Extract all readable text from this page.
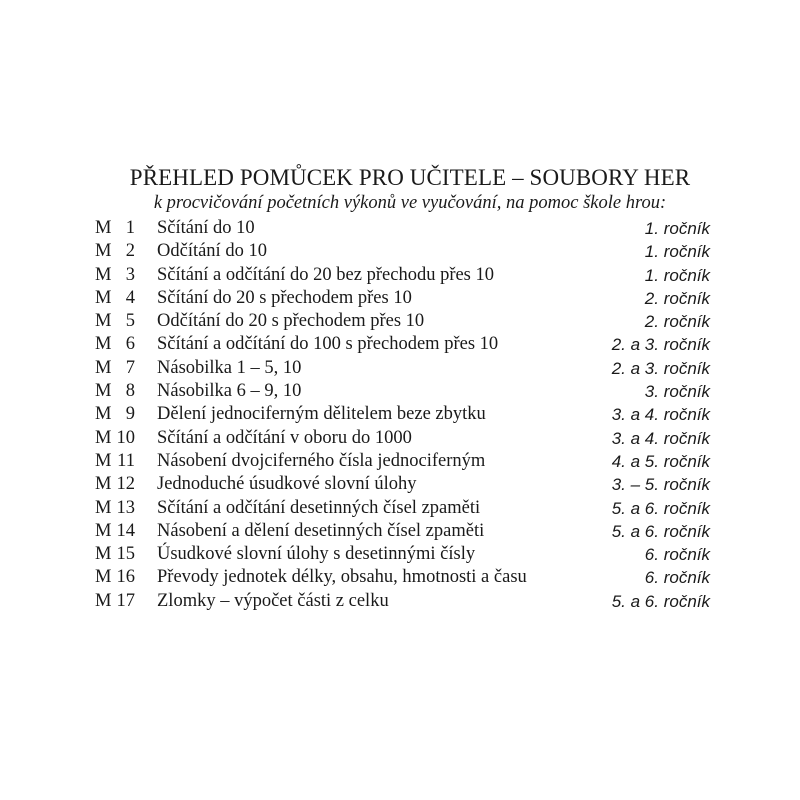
PŘEHLED POMŮCEK PRO UČITELE – SOUBORY HER
k procvičování početních výkonů ve vyučování, na pomoc škole hrou:
M 1 Sčítání do 10	1. ročník
M 2 Odčítání do 10	1. ročník
M 3 Sčítání a odčítání do 20 bez přechodu přes 10	1. ročník
M 4 Sčítání do 20 s přechodem přes 10	2. ročník
M 5 Odčítání do 20 s přechodem přes 10	2. ročník
M 6 Sčítání a odčítání do 100 s přechodem přes 10	2. a 3. ročník
M 7 Násobilka 1 – 5, 10	2. a 3. ročník
M 8 Násobilka 6 – 9, 10	3. ročník
M 9 Dělení jednociferným dělitelem beze zbytku	3. a 4. ročník
M 10 Sčítání a odčítání v oboru do 1000	3. a 4. ročník
M 11 Násobení dvojciferného čísla jednociferným	4. a 5. ročník
M 12 Jednoduché úsudkové slovní úlohy	3. – 5. ročník
M 13 Sčítání a odčítání desetinných čísel zpaměti	5. a 6. ročník
M 14 Násobení a dělení desetinných čísel zpaměti	5. a 6. ročník
M 15 Úsudkové slovní úlohy s desetinnými čísly	6. ročník
M 16 Převody jednotek délky, obsahu, hmotnosti a času	6. ročník
M 17 Zlomky – výpočet části z celku	5. a 6. ročník
